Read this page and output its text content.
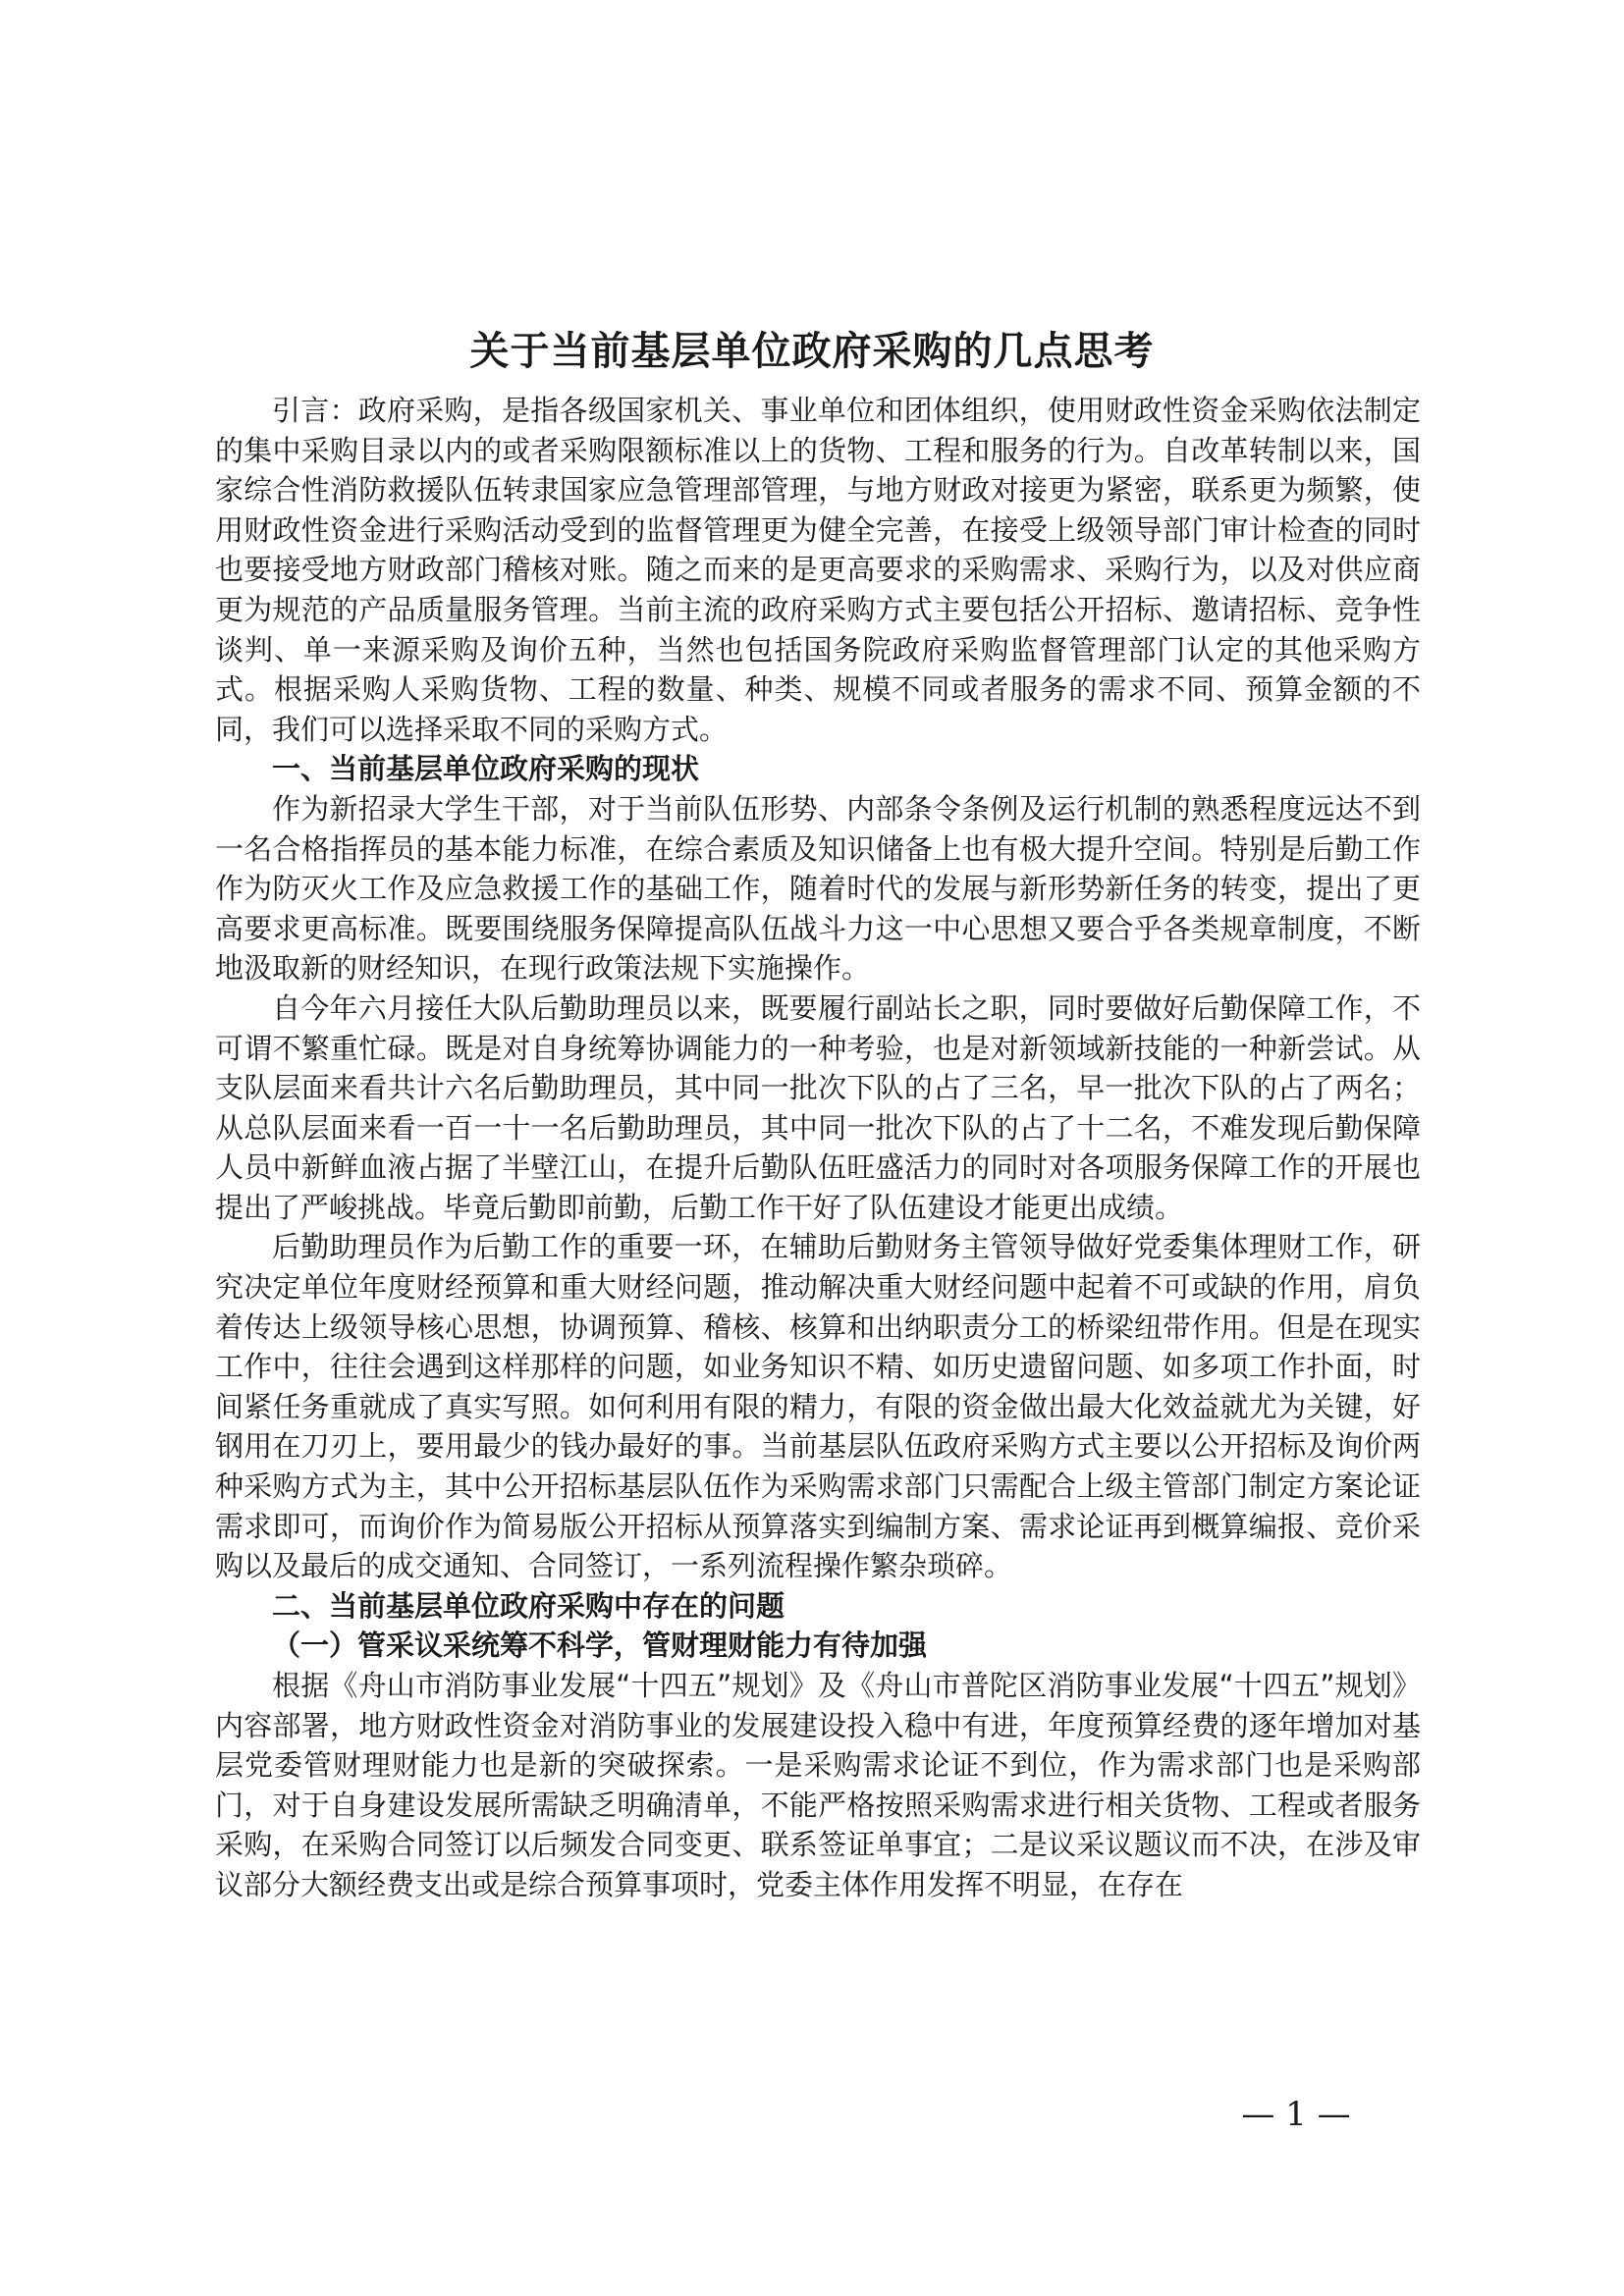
关于当前基层单位政府采购的几点思考

引言：政府采购，是指各级国家机关、事业单位和团体组织，使用财政性资金采购依法制定的集中采购目录以内的或者采购限额标准以上的货物、工程和服务的行为。自改革转制以来，国家综合性消防救援队伍转隶国家应急管理部管理，与地方财政对接更为紧密，联系更为频繁，使用财政性资金进行采购活动受到的监督管理更为健全完善，在接受上级领导部门审计检查的同时也要接受地方财政部门稽核对账。随之而来的是更高要求的采购需求、采购行为，以及对供应商更为规范的产品质量服务管理。当前主流的政府采购方式主要包括公开招标、邀请招标、竞争性谈判、单一来源采购及询价五种，当然也包括国务院政府采购监督管理部门认定的其他采购方式。根据采购人采购货物、工程的数量、种类、规模不同或者服务的需求不同、预算金额的不同，我们可以选择采取不同的采购方式。

一、当前基层单位政府采购的现状

作为新招录大学生干部，对于当前队伍形势、内部条令条例及运行机制的熟悉程度远达不到一名合格指挥员的基本能力标准，在综合素质及知识储备上也有极大提升空间。特别是后勤工作作为防灭火工作及应急救援工作的基础工作，随着时代的发展与新形势新任务的转变，提出了更高要求更高标准。既要围绕服务保障提高队伍战斗力这一中心思想又要合乎各类规章制度，不断地汲取新的财经知识，在现行政策法规下实施操作。

自今年六月接任大队后勤助理员以来，既要履行副站长之职，同时要做好后勤保障工作，不可谓不繁重忙碌。既是对自身统筹协调能力的一种考验，也是对新领域新技能的一种新尝试。从支队层面来看共计六名后勤助理员，其中同一批次下队的占了三名，早一批次下队的占了两名；从总队层面来看一百一十一名后勤助理员，其中同一批次下队的占了十二名，不难发现后勤保障人员中新鲜血液占据了半壁江山，在提升后勤队伍旺盛活力的同时对各项服务保障工作的开展也提出了严峻挑战。毕竟后勤即前勤，后勤工作干好了队伍建设才能更出成绩。

后勤助理员作为后勤工作的重要一环，在辅助后勤财务主管领导做好党委集体理财工作，研究决定单位年度财经预算和重大财经问题，推动解决重大财经问题中起着不可或缺的作用，肩负着传达上级领导核心思想，协调预算、稽核、核算和出纳职责分工的桥梁纽带作用。但是在现实工作中，往往会遇到这样那样的问题，如业务知识不精、如历史遗留问题、如多项工作扑面，时间紧任务重就成了真实写照。如何利用有限的精力，有限的资金做出最大化效益就尤为关键，好钢用在刀刃上，要用最少的钱办最好的事。当前基层队伍政府采购方式主要以公开招标及询价两种采购方式为主，其中公开招标基层队伍作为采购需求部门只需配合上级主管部门制定方案论证需求即可，而询价作为简易版公开招标从预算落实到编制方案、需求论证再到概算编报、竞价采购以及最后的成交通知、合同签订，一系列流程操作繁杂琐碎。

二、当前基层单位政府采购中存在的问题

（一）管采议采统筹不科学，管财理财能力有待加强

根据《舟山市消防事业发展“十四五”规划》及《舟山市普陀区消防事业发展“十四五”规划》内容部署，地方财政性资金对消防事业的发展建设投入稳中有进，年度预算经费的逐年增加对基层党委管财理财能力也是新的突破探索。一是采购需求论证不到位，作为需求部门也是采购部门，对于自身建设发展所需缺乏明确清单，不能严格按照采购需求进行相关货物、工程或者服务采购，在采购合同签订以后频发合同变更、联系签证单事宜；二是议采议题议而不决，在涉及审议部分大额经费支出或是综合预算事项时，党委主体作用发挥不明显，在存在

— 1 —
